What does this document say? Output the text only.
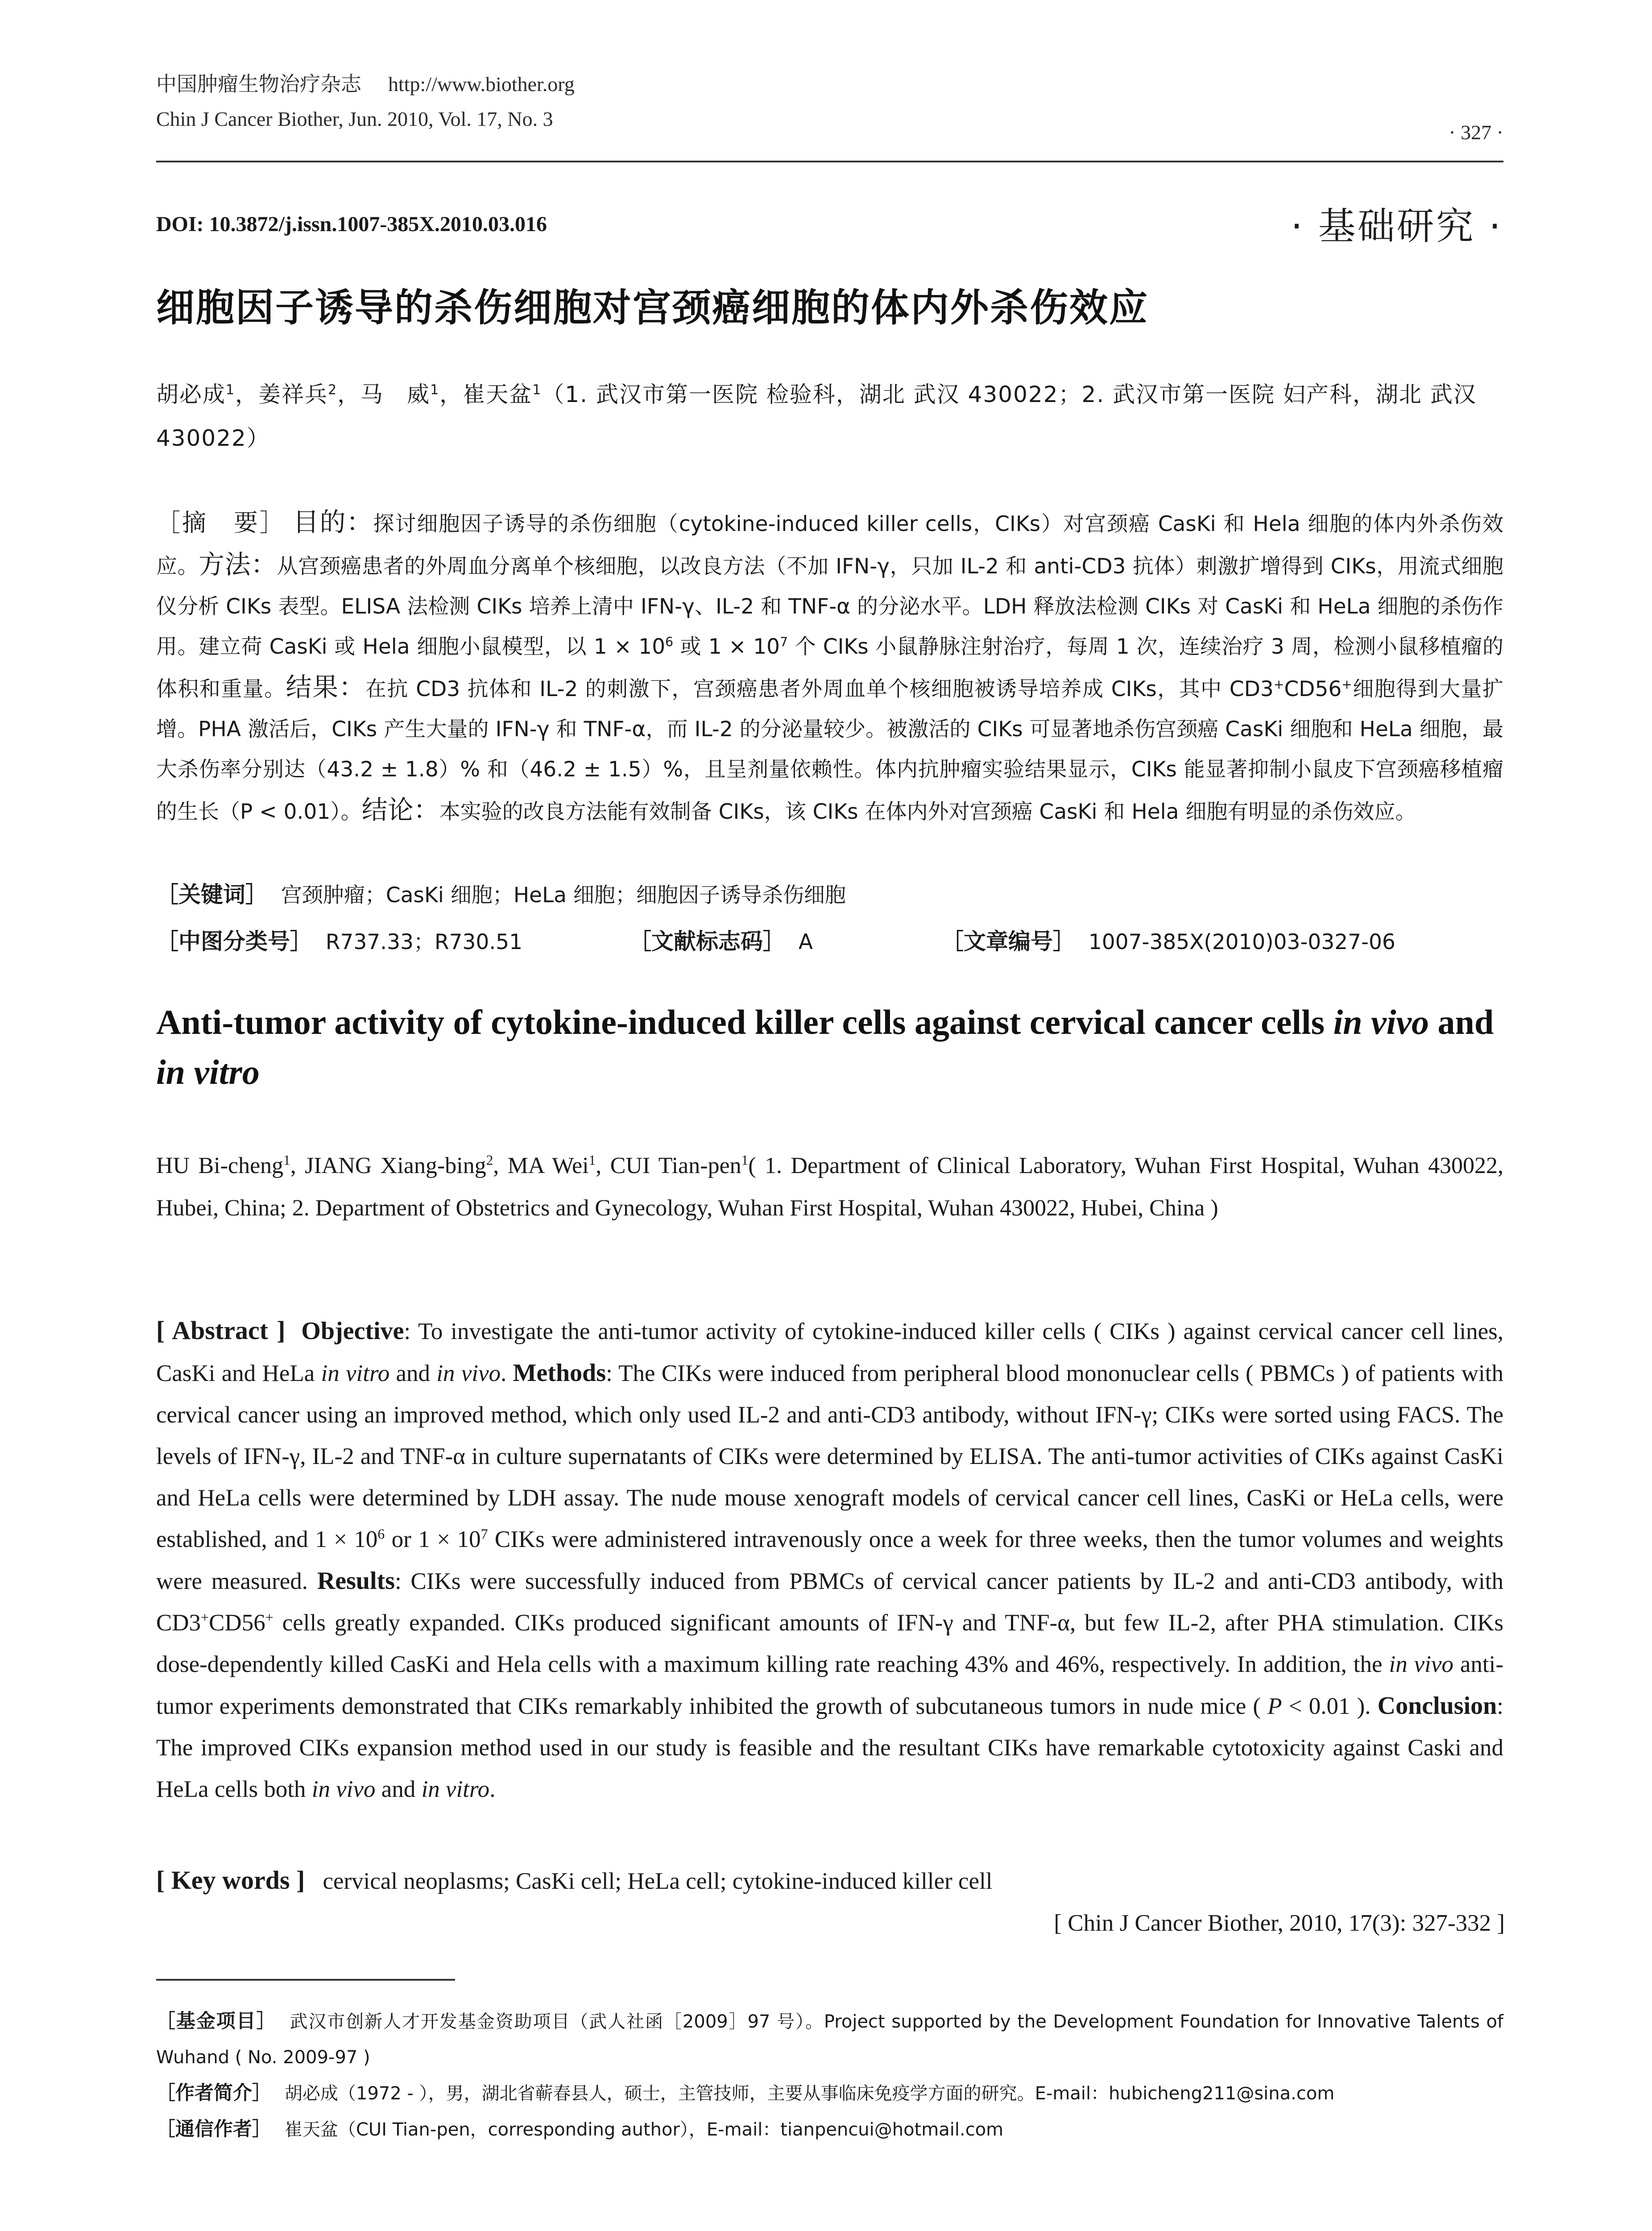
中国肿瘤生物治疗杂志 http://www.biother.org
Chin J Cancer Biother, Jun. 2010, Vol. 17, No. 3
· 327 ·
DOI: 10.3872/j.issn.1007-385X.2010.03.016	· 基础研究 ·
细胞因子诱导的杀伤细胞对宫颈癌细胞的体内外杀伤效应
胡必成$^1$，姜祥兵$^2$，马　威$^1$，崔天盆$^1$（1. 武汉市第一医院 检验科，湖北 武汉 430022；2. 武汉市第一医院 妇产科，湖北 武汉 430022）
［摘　要］ 目的：探讨细胞因子诱导的杀伤细胞（cytokine-induced killer cells，CIKs）对宫颈癌 CasKi 和 Hela 细胞的体内外杀伤效应。方法：从宫颈癌患者的外周血分离单个核细胞，以改良方法（不加 IFN-γ，只加 IL-2 和 anti-CD3 抗体）刺激扩增得到 CIKs，用流式细胞仪分析 CIKs 表型。ELISA 法检测 CIKs 培养上清中 IFN-γ、IL-2 和 TNF-α 的分泌水平。LDH 释放法检测 CIKs 对 CasKi 和 HeLa 细胞的杀伤作用。建立荷 CasKi 或 Hela 细胞小鼠模型，以 $1 \times 10^6$ 或 $1 \times 10^7$ 个 CIKs 小鼠静脉注射治疗，每周 1 次，连续治疗 3 周，检测小鼠移植瘤的体积和重量。结果：在抗 CD3 抗体和 IL-2 的刺激下，宫颈癌患者外周血单个核细胞被诱导培养成 CIKs，其中 CD3+CD56+细胞得到大量扩增。PHA 激活后，CIKs 产生大量的 IFN-γ 和 TNF-α，而 IL-2 的分泌量较少。被激活的 CIKs 可显著地杀伤宫颈癌 CasKi 细胞和 HeLa 细胞，最大杀伤率分别达（43.2 ± 1.8）% 和（46.2 ± 1.5）%，且呈剂量依赖性。体内抗肿瘤实验结果显示，CIKs 能显著抑制小鼠皮下宫颈癌移植瘤的生长（P < 0.01）。结论：本实验的改良方法能有效制备 CIKs，该 CIKs 在体内外对宫颈癌 CasKi 和 Hela 细胞有明显的杀伤效应。
［关键词］ 宫颈肿瘤；CasKi 细胞；HeLa 细胞；细胞因子诱导杀伤细胞
［中图分类号］ R737.33；R730.51	［文献标志码］ A	［文章编号］ 1007-385X(2010)03-0327-06
Anti-tumor activity of cytokine-induced killer cells against cervical cancer cells in vivo and in vitro
HU Bi-cheng$^1$, JIANG Xiang-bing$^2$, MA Wei$^1$, CUI Tian-pen$^1$( 1. Department of Clinical Laboratory, Wuhan First Hospital, Wuhan 430022, Hubei, China; 2. Department of Obstetrics and Gynecology, Wuhan First Hospital, Wuhan 430022, Hubei, China )
[ Abstract ] Objective: To investigate the anti-tumor activity of cytokine-induced killer cells ( CIKs ) against cervical cancer cell lines, CasKi and HeLa in vitro and in vivo. Methods: The CIKs were induced from peripheral blood mononuclear cells ( PBMCs ) of patients with cervical cancer using an improved method, which only used IL-2 and anti-CD3 antibody, without IFN-γ; CIKs were sorted using FACS. The levels of IFN-γ, IL-2 and TNF-α in culture supernatants of CIKs were determined by ELISA. The anti-tumor activities of CIKs against CasKi and HeLa cells were determined by LDH assay. The nude mouse xenograft models of cervical cancer cell lines, CasKi or HeLa cells, were established, and $1 \times 10^6$ or $1 \times 10^7$ CIKs were administered intravenously once a week for three weeks, then the tumor volumes and weights were measured. Results: CIKs were successfully induced from PBMCs of cervical cancer patients by IL-2 and anti-CD3 antibody, with CD3+CD56+ cells greatly expanded. CIKs produced significant amounts of IFN-γ and TNF-α, but few IL-2, after PHA stimulation. CIKs dose-dependently killed CasKi and Hela cells with a maximum killing rate reaching 43% and 46%, respectively. In addition, the in vivo anti-tumor experiments demonstrated that CIKs remarkably inhibited the growth of subcutaneous tumors in nude mice ( P < 0.01 ). Conclusion: The improved CIKs expansion method used in our study is feasible and the resultant CIKs have remarkable cytotoxicity against Caski and HeLa cells both in vivo and in vitro.
[ Key words ] cervical neoplasms; CasKi cell; HeLa cell; cytokine-induced killer cell
[ Chin J Cancer Biother, 2010, 17(3): 327-332 ]

［基金项目］ 武汉市创新人才开发基金资助项目（武人社函［2009］97 号）。Project supported by the Development Foundation for Innovative Talents of Wuhand ( No. 2009-97 )

［作者简介］ 胡必成（1972 - ），男，湖北省蕲春县人，硕士，主管技师，主要从事临床免疫学方面的研究。E-mail：hubicheng211@sina.com

［通信作者］ 崔天盆（CUI Tian-pen，corresponding author），E-mail：tianpencui@hotmail.com
